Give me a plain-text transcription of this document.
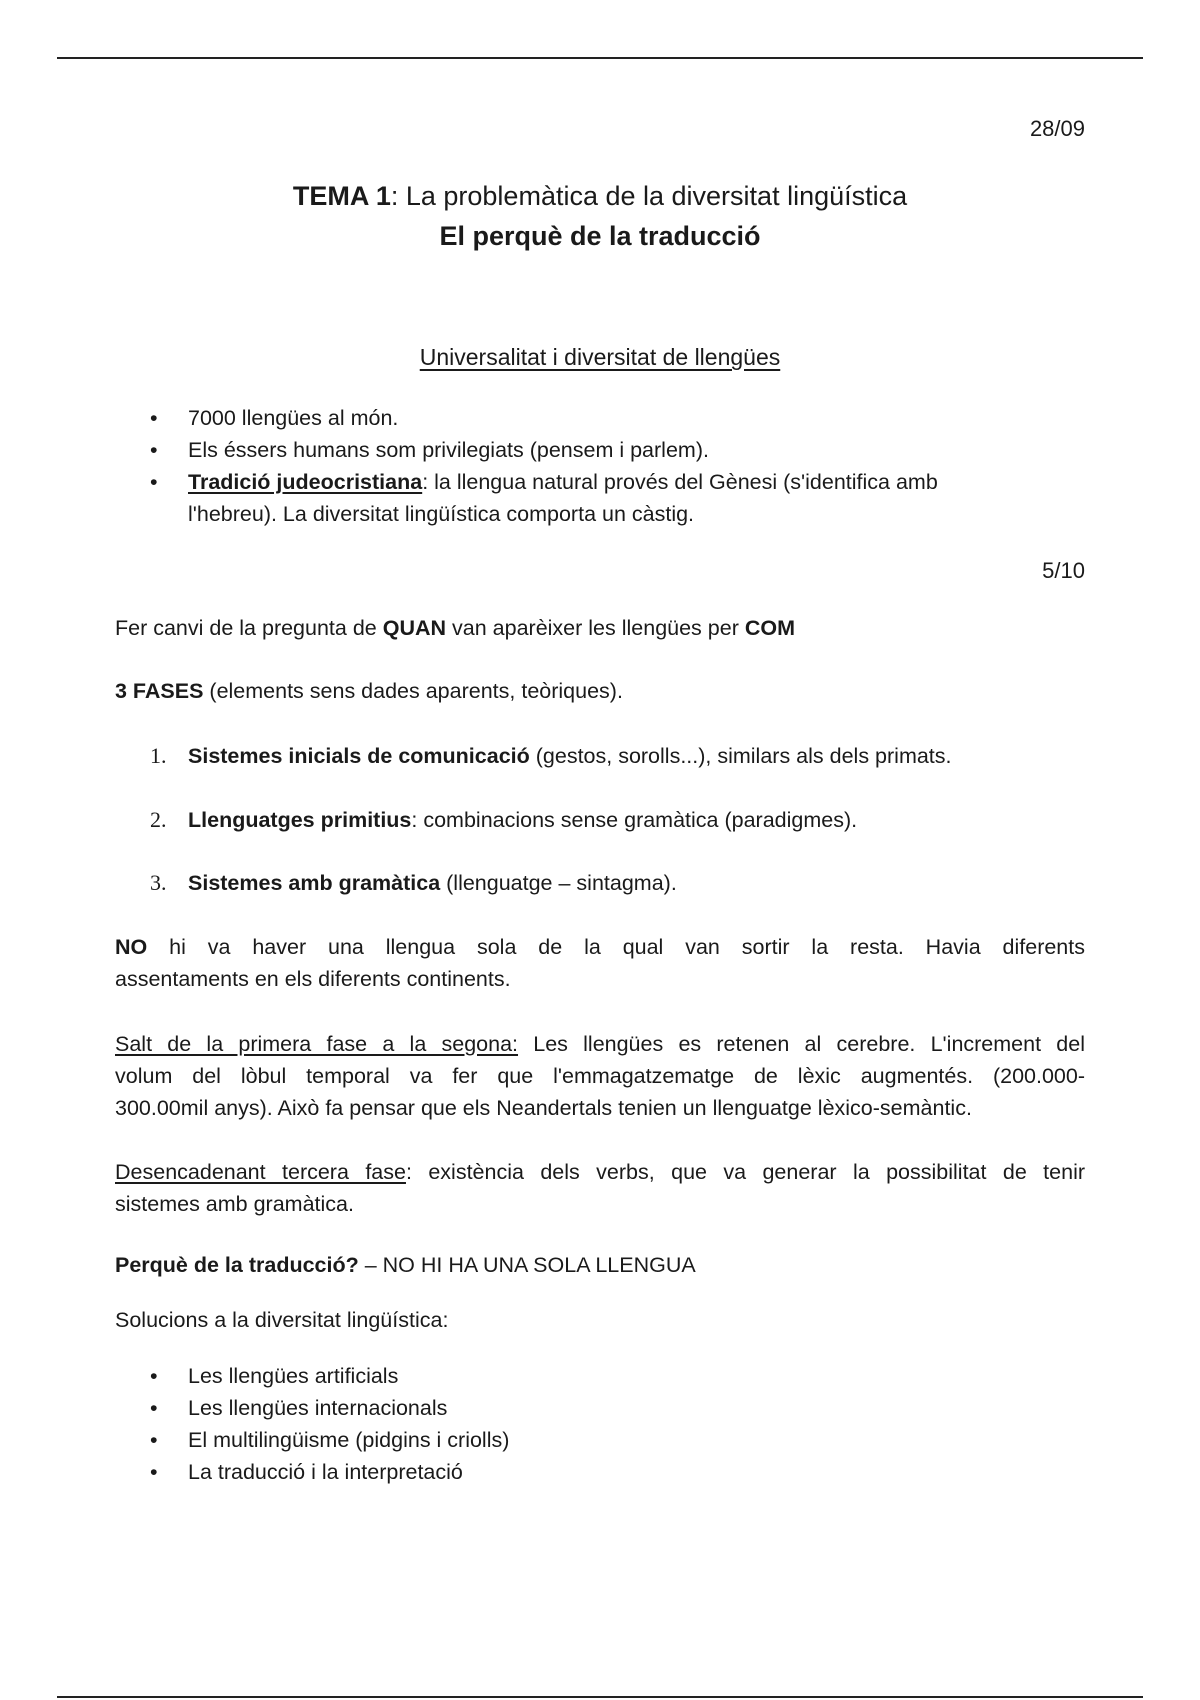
28/09
TEMA 1: La problemàtica de la diversitat lingüística
El perquè de la traducció
Universalitat i diversitat de llengües
• 7000 llengües al món.
• Els éssers humans som privilegiats (pensem i parlem).
• Tradició judeocristiana: la llengua natural provés del Gènesi (s'identifica amb
l'hebreu). La diversitat lingüística comporta un càstig.
5/10
Fer canvi de la pregunta de QUAN van aparèixer les llengües per COM
3 FASES (elements sens dades aparents, teòriques).
1. Sistemes inicials de comunicació (gestos, sorolls...), similars als dels primats.
2. Llenguatges primitius: combinacions sense gramàtica (paradigmes).
3. Sistemes amb gramàtica (llenguatge – sintagma).
NO hi va haver una llengua sola de la qual van sortir la resta. Havia diferents
assentaments en els diferents continents.
Salt de la primera fase a la segona: Les llengües es retenen al cerebre. L'increment del
volum del lòbul temporal va fer que l'emmagatzematge de lèxic augmentés. (200.000-
300.00mil anys). Això fa pensar que els Neandertals tenien un llenguatge lèxico-semàntic.
Desencadenant tercera fase: existència dels verbs, que va generar la possibilitat de tenir
sistemes amb gramàtica.
Perquè de la traducció? – NO HI HA UNA SOLA LLENGUA
Solucions a la diversitat lingüística:
• Les llengües artificials
• Les llengües internacionals
• El multilingüisme (pidgins i criolls)
• La traducció i la interpretació
